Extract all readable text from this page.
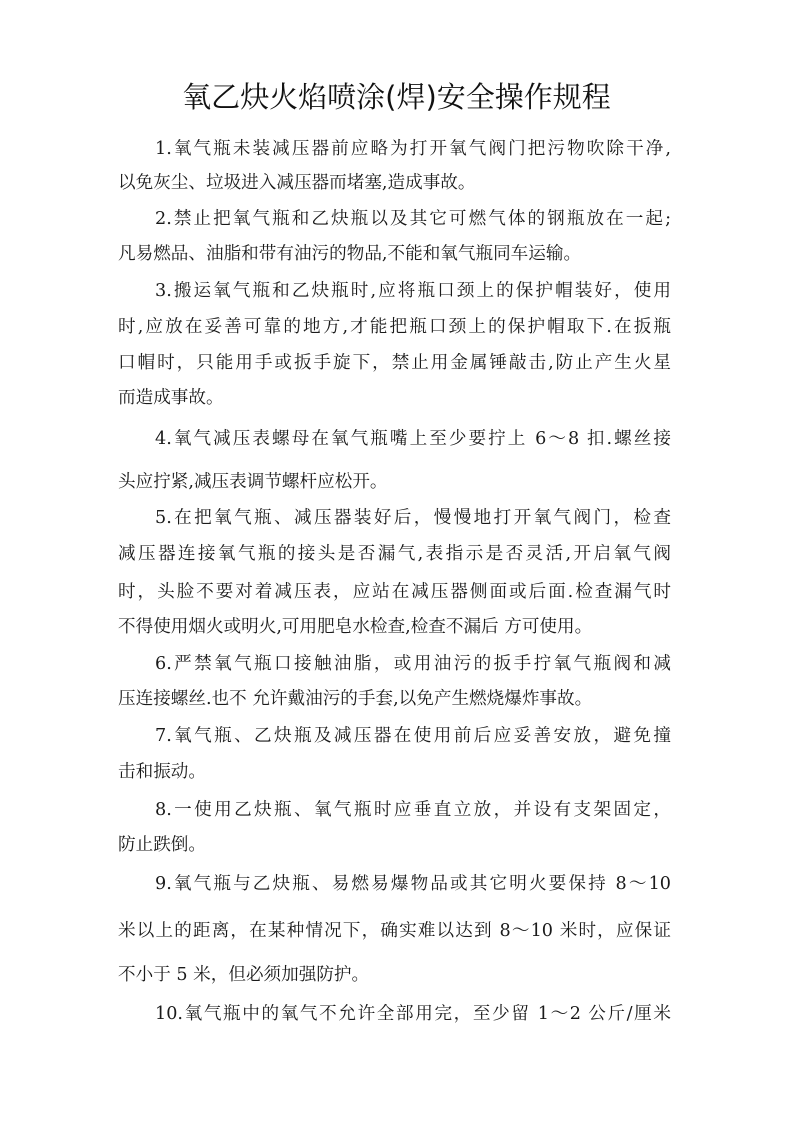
氧乙炔火焰喷涂(焊)安全操作规程
1.氧气瓶未装减压器前应略为打开氧气阀门把污物吹除干净,
以免灰尘、垃圾进入减压器而堵塞,造成事故。
2.禁止把氧气瓶和乙炔瓶以及其它可燃气体的钢瓶放在一起;
凡易燃品、油脂和带有油污的物品,不能和氧气瓶同车运输。
3.搬运氧气瓶和乙炔瓶时,应将瓶口颈上的保护帽装好，使用
时,应放在妥善可靠的地方,才能把瓶口颈上的保护帽取下.在扳瓶
口帽时，只能用手或扳手旋下，禁止用金属锤敲击,防止产生火星
而造成事故。
4.氧气减压表螺母在氧气瓶嘴上至少要拧上 6～8 扣.螺丝接
头应拧紧,减压表调节螺杆应松开。
5.在把氧气瓶、减压器装好后，慢慢地打开氧气阀门，检查
减压器连接氧气瓶的接头是否漏气,表指示是否灵活,开启氧气阀
时，头脸不要对着减压表，应站在减压器侧面或后面.检查漏气时
不得使用烟火或明火,可用肥皂水检查,检查不漏后 方可使用。
6.严禁氧气瓶口接触油脂，或用油污的扳手拧氧气瓶阀和减
压连接螺丝.也不 允许戴油污的手套,以免产生燃烧爆炸事故。
7.氧气瓶、乙炔瓶及减压器在使用前后应妥善安放，避免撞
击和振动。
8.一使用乙炔瓶、氧气瓶时应垂直立放，并设有支架固定，
防止跌倒。
9.氧气瓶与乙炔瓶、易燃易爆物品或其它明火要保持 8～10
米以上的距离，在某种情况下，确实难以达到 8～10 米时，应保证
不小于 5 米，但必须加强防护。
10.氧气瓶中的氧气不允许全部用完，至少留 1～2 公斤/厘米
